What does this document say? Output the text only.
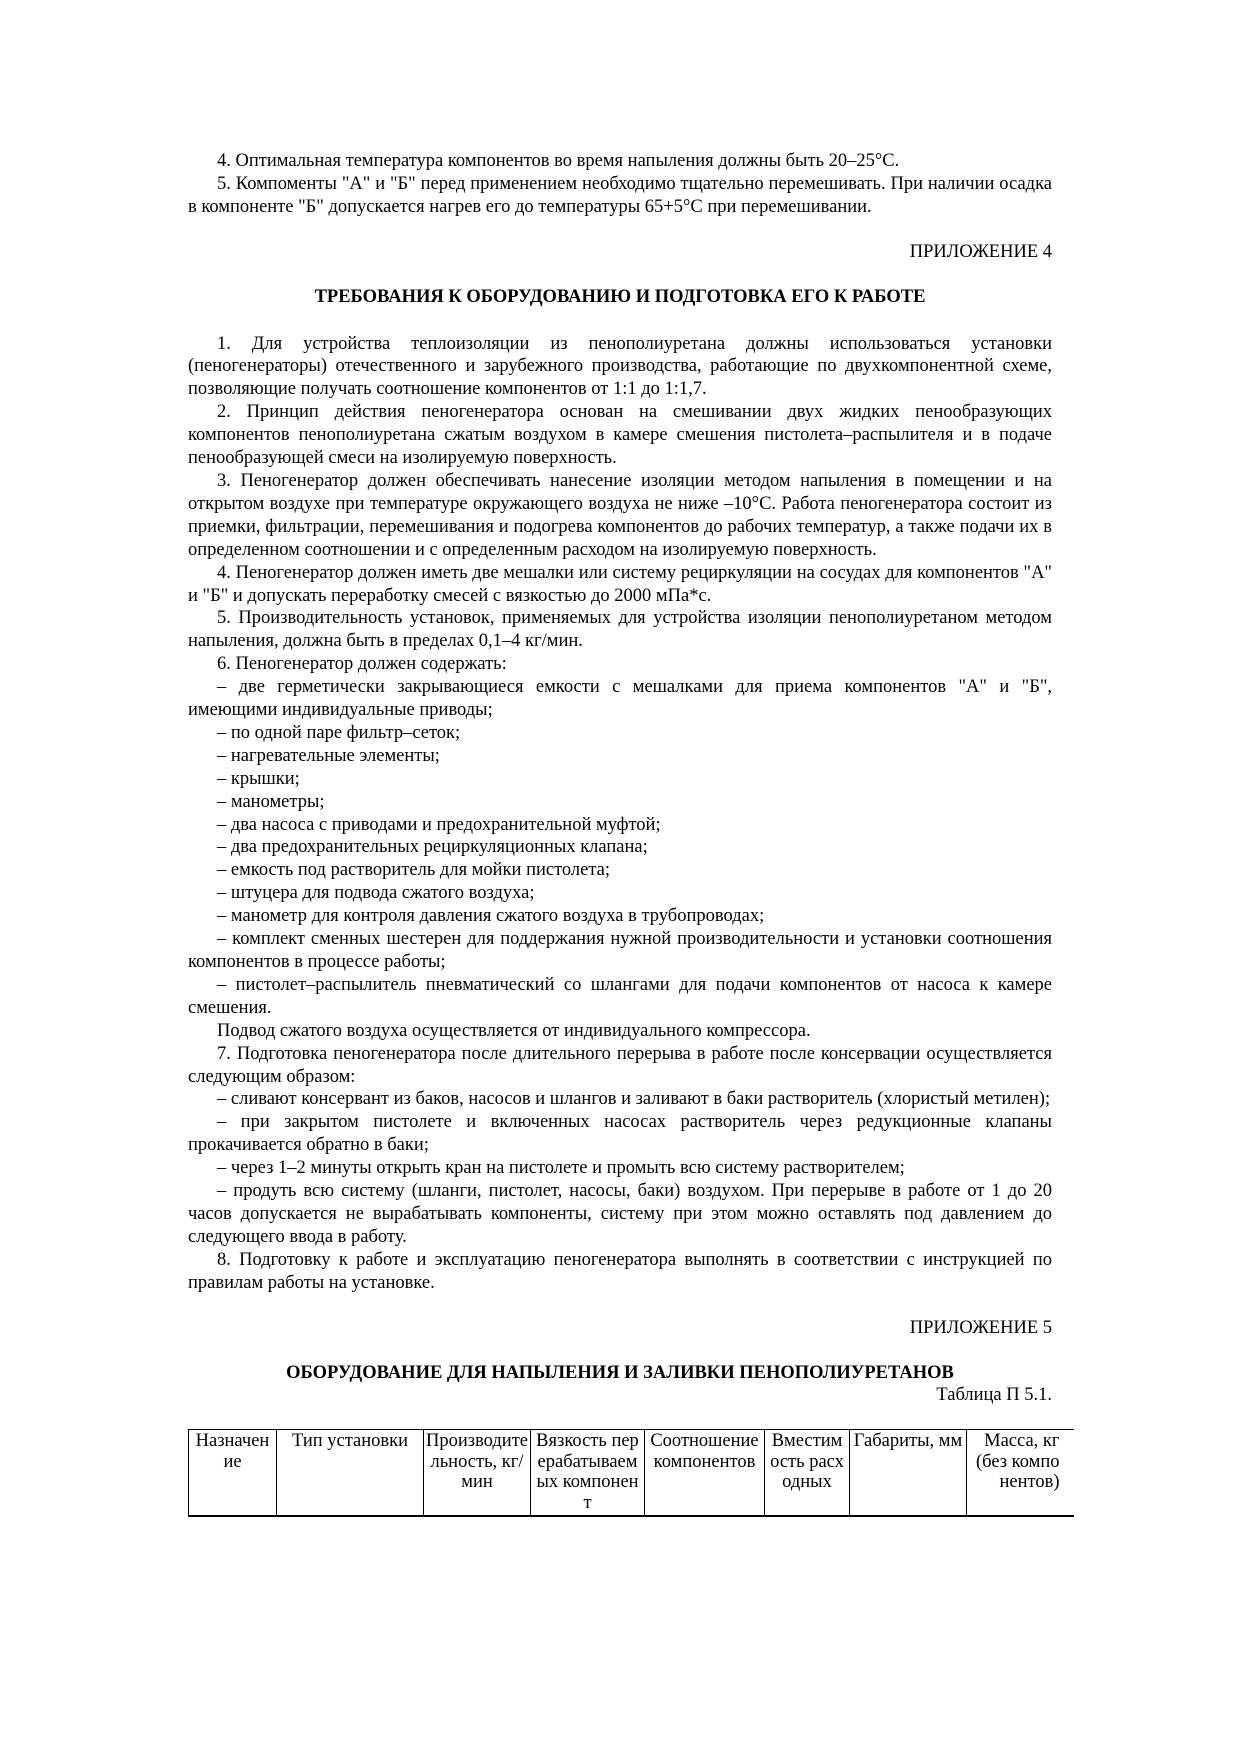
4. Оптимальная температура компонентов во время напыления должны быть 20–25°С.

5. Компоменты "А" и "Б" перед применением необходимо тщательно перемешивать. При наличии осадка в компоненте "Б" допускается нагрев его до температуры 65+5°С при перемешивании.

ПРИЛОЖЕНИЕ 4

ТРЕБОВАНИЯ К ОБОРУДОВАНИЮ И ПОДГОТОВКА ЕГО К РАБОТЕ

1. Для устройства теплоизоляции из пенополиуретана должны использоваться установки (пеногенераторы) отечественного и зарубежного производства, работающие по двухкомпонентной схеме, позволяющие получать соотношение компонентов от 1:1 до 1:1,7.

2. Принцип действия пеногенератора основан на смешивании двух жидких пенообразующих компонентов пенополиуретана сжатым воздухом в камере смешения пистолета–распылителя и в подаче пенообразующей смеси на изолируемую поверхность.

3. Пеногенератор должен обеспечивать нанесение изоляции методом напыления в помещении и на открытом воздухе при температуре окружающего воздуха не ниже –10°С. Работа пеногенератора состоит из приемки, фильтрации, перемешивания и подогрева компонентов до рабочих температур, а также подачи их в определенном соотношении и с определенным расходом на изолируемую поверхность.

4. Пеногенератор должен иметь две мешалки или систему рециркуляции на сосудах для компонентов "А" и "Б" и допускать переработку смесей с вязкостью до 2000 мПа*с.

5. Производительность установок, применяемых для устройства изоляции пенополиуретаном методом напыления, должна быть в пределах 0,1–4 кг/мин.

6. Пеногенератор должен содержать:

– две герметически закрывающиеся емкости с мешалками для приема компонентов "А" и "Б", имеющими индивидуальные приводы;

– по одной паре фильтр–сеток;

– нагревательные элементы;

– крышки;

– манометры;

– два насоса с приводами и предохранительной муфтой;

– два предохранительных рециркуляционных клапана;

– емкость под растворитель для мойки пистолета;

– штуцера для подвода сжатого воздуха;

– манометр для контроля давления сжатого воздуха в трубопроводах;

– комплект сменных шестерен для поддержания нужной производительности и установки соотношения компонентов в процессе работы;

– пистолет–распылитель пневматический со шлангами для подачи компонентов от насоса к камере смешения.

Подвод сжатого воздуха осуществляется от индивидуального компрессора.

7. Подготовка пеногенератора после длительного перерыва в работе после консервации осуществляется следующим образом:

– сливают консервант из баков, насосов и шлангов и заливают в баки растворитель (хлористый метилен);

– при закрытом пистолете и включенных насосах растворитель через редукционные клапаны прокачивается обратно в баки;

– через 1–2 минуты открыть кран на пистолете и промыть всю систему растворителем;

– продуть всю систему (шланги, пистолет, насосы, баки) воздухом. При перерыве в работе от 1 до 20 часов допускается не вырабатывать компоненты, систему при этом можно оставлять под давлением до следующего ввода в работу.

8. Подготовку к работе и эксплуатацию пеногенератора выполнять в соответствии с инструкцией по правилам работы на установке.

ПРИЛОЖЕНИЕ 5

ОБОРУДОВАНИЕ ДЛЯ НАПЫЛЕНИЯ И ЗАЛИВКИ ПЕНОПОЛИУРЕТАНОВ

Таблица П 5.1.

Назначение	Тип установки	Производительность, кг/мин	Вязкость перерабатываемых компонент	Соотношение компонентов	Вместимость расходных	Габариты, мм	Масса, кг (без компонентов)
